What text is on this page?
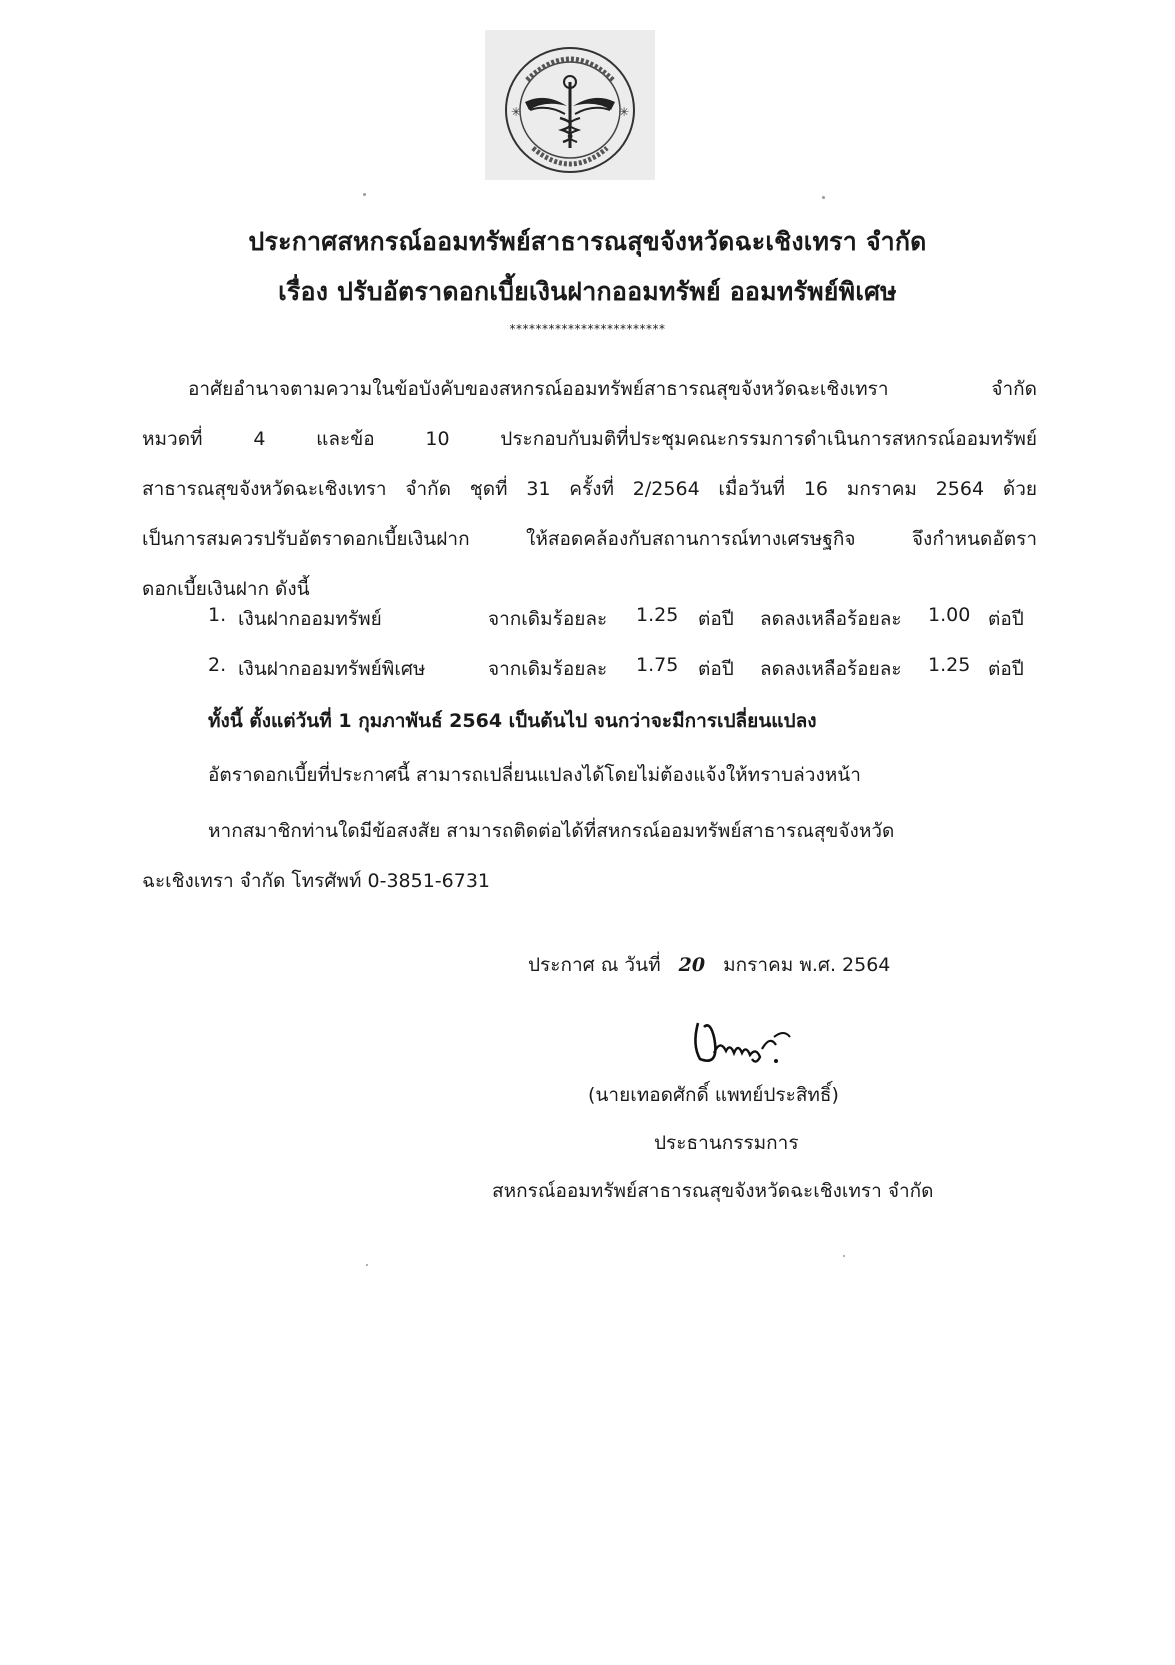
✳	✳
ประกาศสหกรณ์ออมทรัพย์สาธารณสุขจังหวัดฉะเชิงเทรา จำกัด
เรื่อง ปรับอัตราดอกเบี้ยเงินฝากออมทรัพย์ ออมทรัพย์พิเศษ
************************
อาศัยอำนาจตามความในข้อบังคับของสหกรณ์ออมทรัพย์สาธารณสุขจังหวัดฉะเชิงเทรา จำกัด
หมวดที่ 4 และข้อ 10 ประกอบกับมติที่ประชุมคณะกรรมการดำเนินการสหกรณ์ออมทรัพย์
สาธารณสุขจังหวัดฉะเชิงเทรา จำกัด ชุดที่ 31 ครั้งที่ 2/2564 เมื่อวันที่ 16 มกราคม 2564 ด้วย
เป็นการสมควรปรับอัตราดอกเบี้ยเงินฝาก ให้สอดคล้องกับสถานการณ์ทางเศรษฐกิจ จึงกำหนดอัตรา
ดอกเบี้ยเงินฝาก ดังนี้
1. เงินฝากออมทรัพย์	จากเดิมร้อยละ 1.25 ต่อปี ลดลงเหลือร้อยละ 1.00 ต่อปี
2. เงินฝากออมทรัพย์พิเศษ	จากเดิมร้อยละ 1.75 ต่อปี ลดลงเหลือร้อยละ 1.25 ต่อปี
ทั้งนี้ ตั้งแต่วันที่ 1 กุมภาพันธ์ 2564 เป็นต้นไป จนกว่าจะมีการเปลี่ยนแปลง
อัตราดอกเบี้ยที่ประกาศนี้ สามารถเปลี่ยนแปลงได้โดยไม่ต้องแจ้งให้ทราบล่วงหน้า
หากสมาชิกท่านใดมีข้อสงสัย สามารถติดต่อได้ที่สหกรณ์ออมทรัพย์สาธารณสุขจังหวัด
ฉะเชิงเทรา จำกัด โทรศัพท์ 0-3851-6731
ประกาศ ณ วันที่ 20 มกราคม พ.ศ. 2564
(นายเทอดศักดิ์ แพทย์ประสิทธิ์)
ประธานกรรมการ
สหกรณ์ออมทรัพย์สาธารณสุขจังหวัดฉะเชิงเทรา จำกัด
